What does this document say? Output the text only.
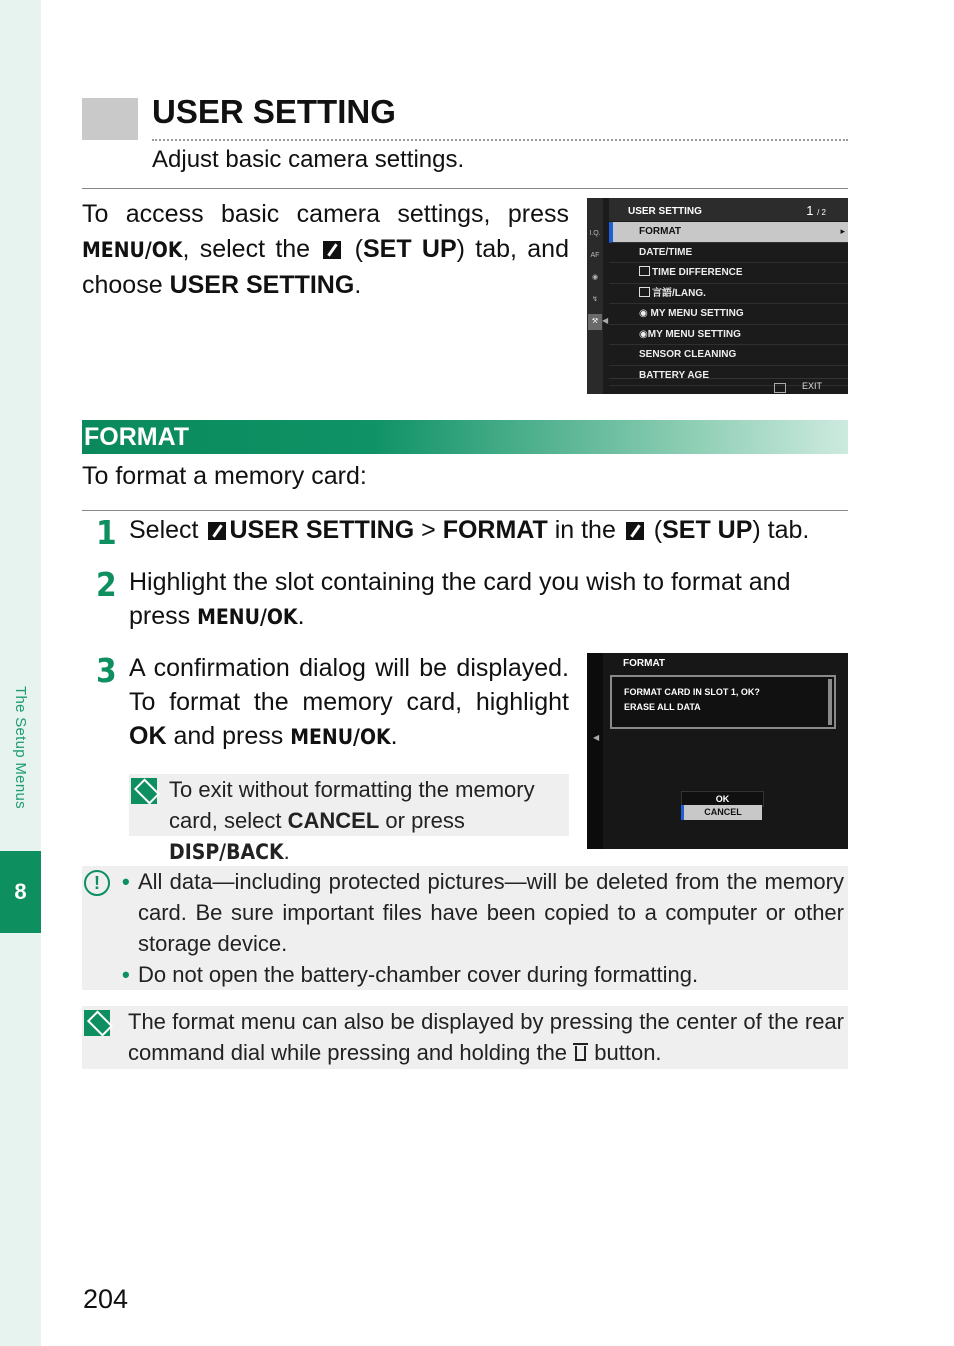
The Setup Menus
8
USER SETTING

Adjust basic camera settings.

To access basic camera settings, press MENU/OK, select the  (SET UP) tab, and choose USER SETTING.

I.Q.
AF
◉
↯
⚒ ◀
USER SETTING	1 / 2
FORMAT ▸
DATE/TIME
TIME DIFFERENCE
言語/LANG.
◉ MY MENU SETTING
◉MY MENU SETTING
SENSOR CLEANING
BATTERY AGE
EXIT
FORMAT

To format a memory card:

1 Select USER SETTING > FORMAT in the  (SET UP) tab.

2 Highlight the slot containing the card you wish to format and press MENU/OK.

3 A confirmation dialog will be displayed. To format the memory card, highlight OK and press MENU/OK.

To exit without formatting the memory card, select CANCEL or press DISP/BACK.

◀
FORMAT
FORMAT CARD IN SLOT 1, OK?
ERASE ALL DATA
OK
CANCEL
!	• All data—including protected pictures—will be deleted from the memory card. Be sure important files have been copied to a computer or other storage device.

• Do not open the battery-chamber cover during formatting.

The format menu can also be displayed by pressing the center of the rear command dial while pressing and holding the  button.

204
